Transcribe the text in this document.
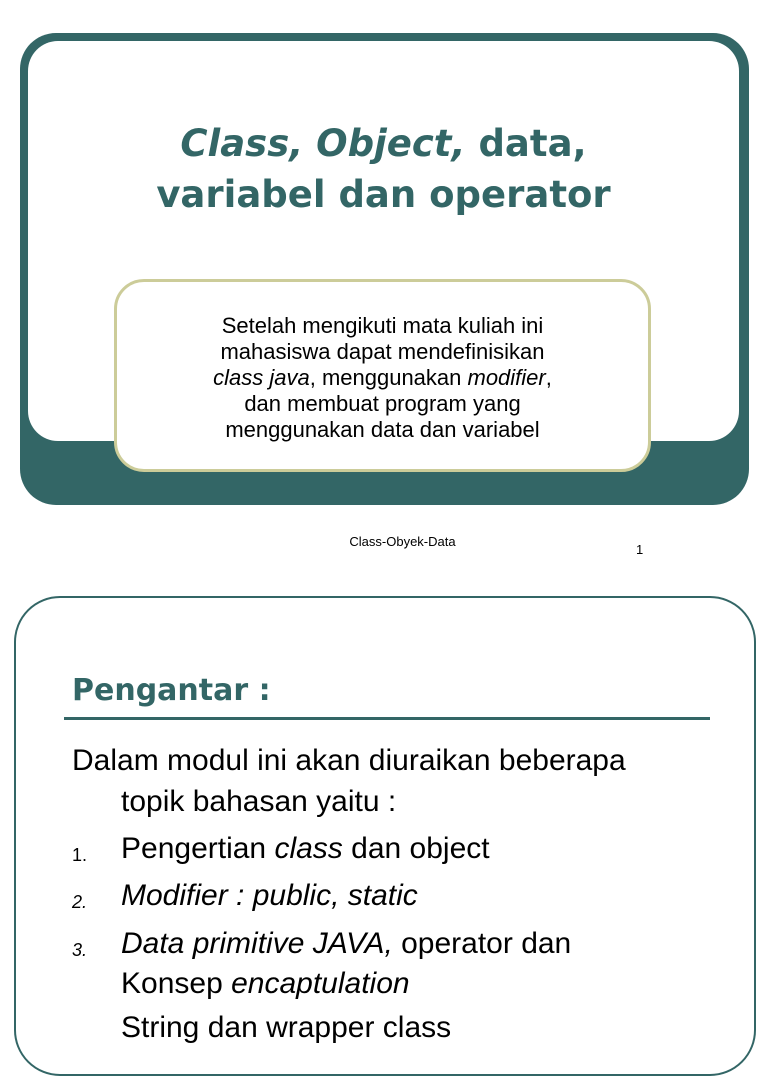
Class, Object, data,
variabel dan operator

Setelah mengikuti mata kuliah ini
mahasiswa dapat mendefinisikan
class java, menggunakan modifier,
dan membuat program yang
menggunakan data dan variabel

Class-Obyek-Data
1
Pengantar :

Dalam modul ini akan diuraikan beberapa
topik bahasan yaitu :

1. Pengertian class dan object
2. Modifier : public, static
3. Data primitive JAVA, operator dan
Konsep encaptulation
String dan wrapper class
